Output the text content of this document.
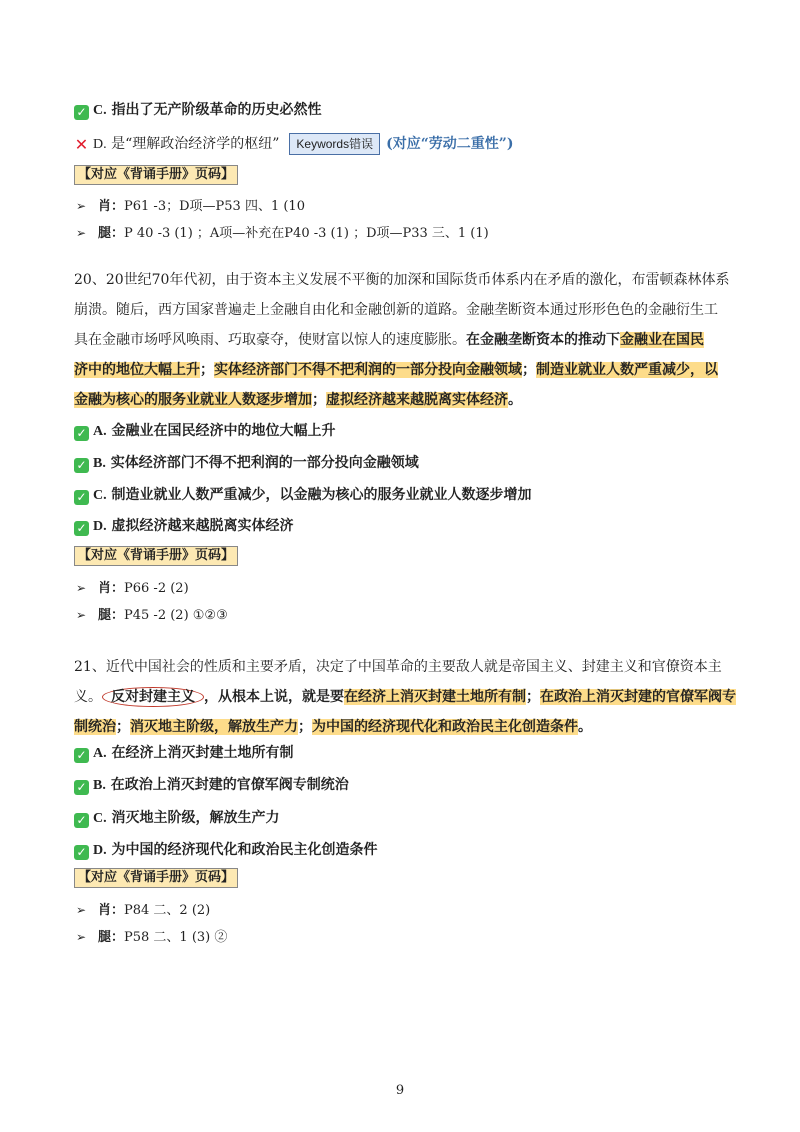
✓ C. 指出了无产阶级革命的历史必然性
✕ D. 是“理解政治经济学的枢纽” Keywords错误 (对应“劳动二重性”)
【对应《背诵手册》页码】
➢ 肖：P61 -3；D项—P53 四、1 (10
➢ 腿：P 40 -3 (1) ；A项—补充在P40 -3 (1) ；D项—P33 三、1 (1)

20、20世纪70年代初，由于资本主义发展不平衡的加深和国际货币体系内在矛盾的激化，布雷顿森林体系

崩溃。随后，西方国家普遍走上金融自由化和金融创新的道路。金融垄断资本通过形形色色的金融衍生工

具在金融市场呼风唤雨、巧取豪夺，使财富以惊人的速度膨胀。在金融垄断资本的推动下金融业在国民

济中的地位大幅上升；实体经济部门不得不把利润的一部分投向金融领域；制造业就业人数严重减少，以

金融为核心的服务业就业人数逐步增加；虚拟经济越来越脱离实体经济。

✓ A. 金融业在国民经济中的地位大幅上升
✓ B. 实体经济部门不得不把利润的一部分投向金融领域
✓ C. 制造业就业人数严重减少，以金融为核心的服务业就业人数逐步增加
✓ D. 虚拟经济越来越脱离实体经济
【对应《背诵手册》页码】
➢ 肖：P66 -2 (2)
➢ 腿：P45 -2 (2) ①②③

21、近代中国社会的性质和主要矛盾，决定了中国革命的主要敌人就是帝国主义、封建主义和官僚资本主

义。 反对封建主义 ，从根本上说，就是要在经济上消灭封建土地所有制；在政治上消灭封建的官僚军阀专

制统治；消灭地主阶级，解放生产力；为中国的经济现代化和政治民主化创造条件。

✓ A. 在经济上消灭封建土地所有制
✓ B. 在政治上消灭封建的官僚军阀专制统治
✓ C. 消灭地主阶级，解放生产力
✓ D. 为中国的经济现代化和政治民主化创造条件
【对应《背诵手册》页码】
➢ 肖：P84 二、2 (2)
➢ 腿：P58 二、1 (3) ②
9
